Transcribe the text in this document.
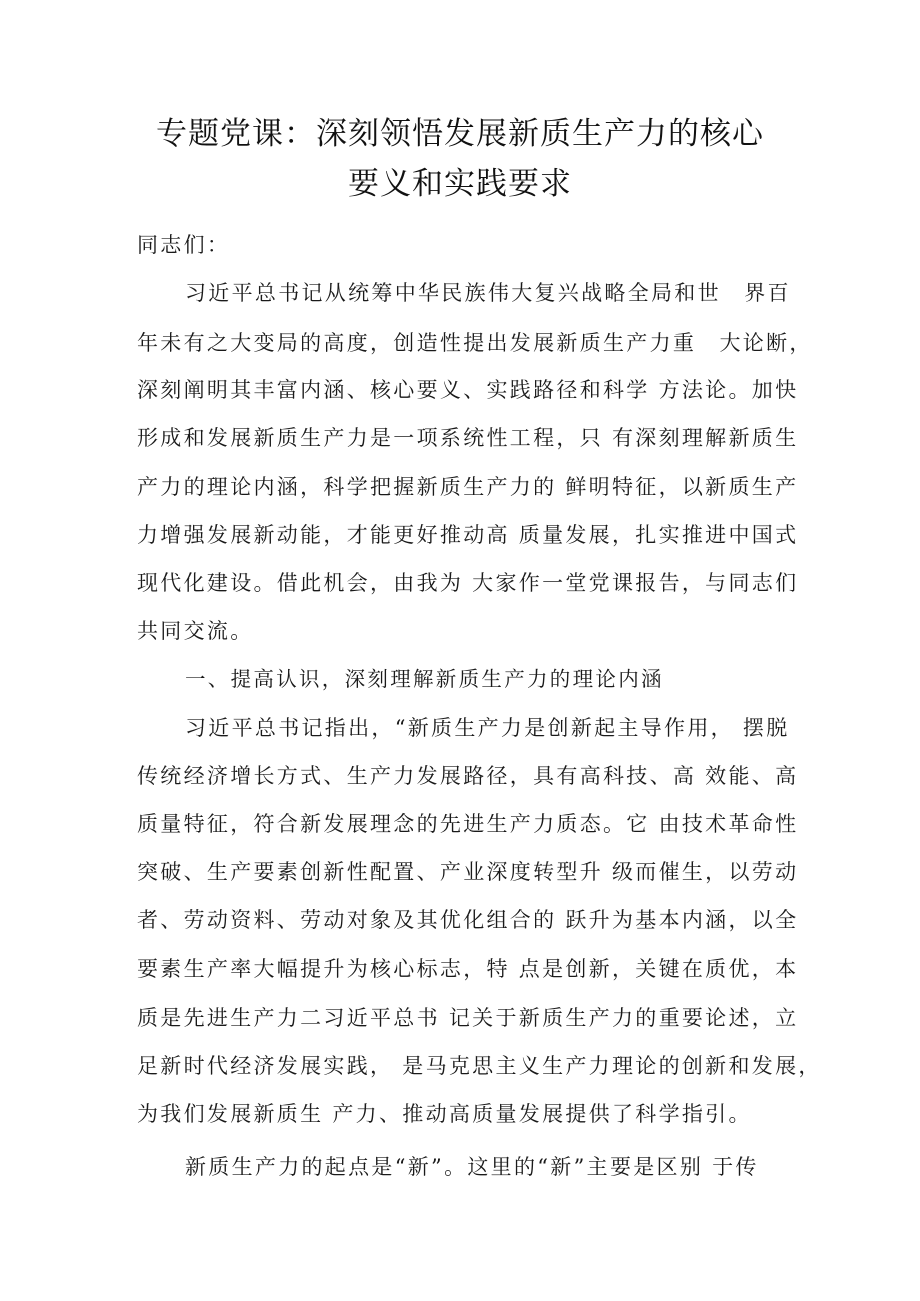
专题党课：深刻领悟发展新质生产力的核心
要义和实践要求
同志们：
习近平总书记从统筹中华民族伟大复兴战略全局和世　界百
年未有之大变局的高度，创造性提出发展新质生产力重　大论断，
深刻阐明其丰富内涵、核心要义、实践路径和科学 方法论。加快
形成和发展新质生产力是一项系统性工程，只 有深刻理解新质生
产力的理论内涵，科学把握新质生产力的 鲜明特征，以新质生产
力增强发展新动能，才能更好推动高 质量发展，扎实推进中国式
现代化建设。借此机会，由我为 大家作一堂党课报告，与同志们
共同交流。
一、提高认识，深刻理解新质生产力的理论内涵
习近平总书记指出，“新质生产力是创新起主导作用， 摆脱
传统经济增长方式、生产力发展路径，具有高科技、高 效能、高
质量特征，符合新发展理念的先进生产力质态。它 由技术革命性
突破、生产要素创新性配置、产业深度转型升 级而催生，以劳动
者、劳动资料、劳动对象及其优化组合的 跃升为基本内涵，以全
要素生产率大幅提升为核心标志，特 点是创新，关键在质优，本
质是先进生产力二习近平总书 记关于新质生产力的重要论述，立
足新时代经济发展实践， 是马克思主义生产力理论的创新和发展，
为我们发展新质生 产力、推动高质量发展提供了科学指引。
新质生产力的起点是“新”。这里的“新”主要是区别 于传
